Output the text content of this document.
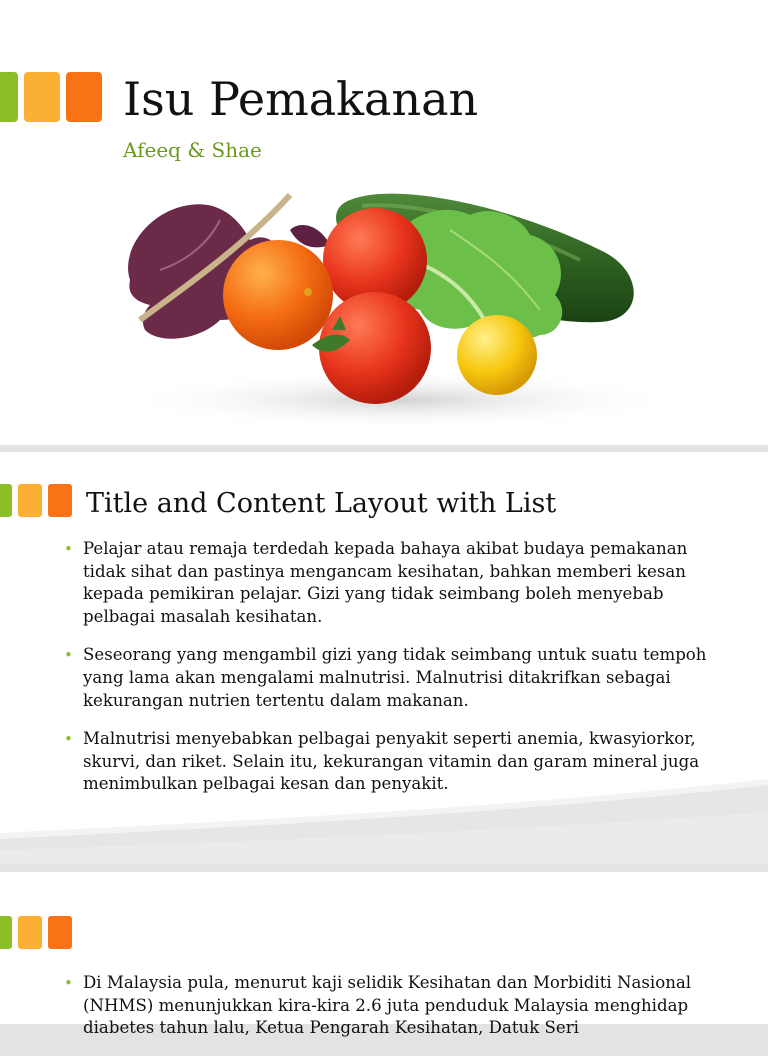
Isu Pemakanan
Afeeq & Shae
Title and Content Layout with List
• Pelajar atau remaja terdedah kepada bahaya akibat budaya pemakanan tidak sihat dan pastinya mengancam kesihatan, bahkan memberi kesan kepada pemikiran pelajar. Gizi yang tidak seimbang boleh menyebab pelbagai masalah kesihatan.
• Seseorang yang mengambil gizi yang tidak seimbang untuk suatu tempoh yang lama akan mengalami malnutrisi. Malnutrisi ditakrifkan sebagai kekurangan nutrien tertentu dalam makanan.
• Malnutrisi menyebabkan pelbagai penyakit seperti anemia, kwasyiorkor, skurvi, dan riket. Selain itu, kekurangan vitamin dan garam mineral juga menimbulkan pelbagai kesan dan penyakit.
• Di Malaysia pula, menurut kaji selidik Kesihatan dan Morbiditi Nasional (NHMS) menunjukkan kira-kira 2.6 juta penduduk Malaysia menghidap diabetes tahun lalu, Ketua Pengarah Kesihatan, Datuk Seri
